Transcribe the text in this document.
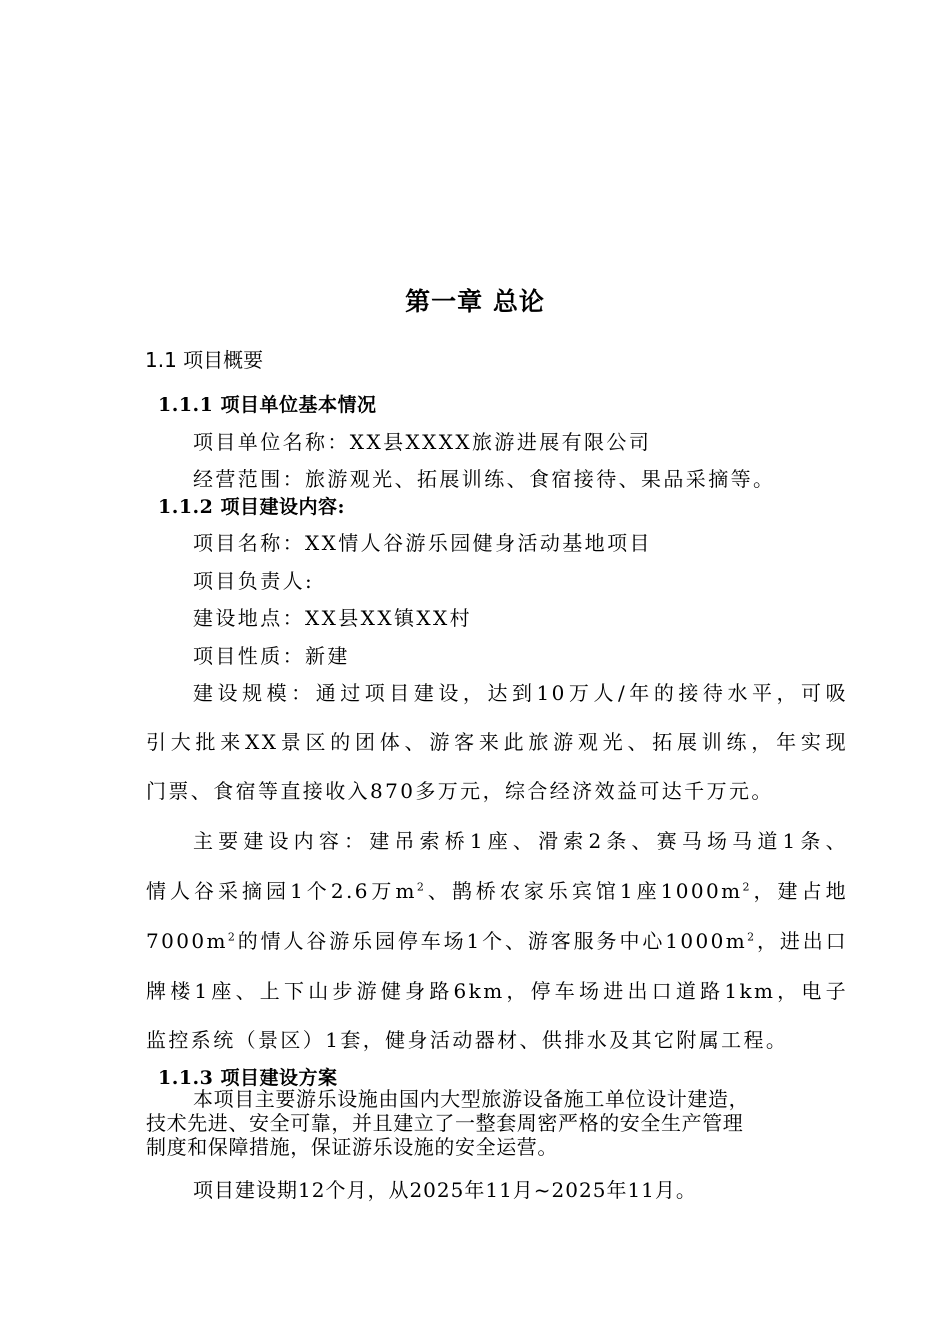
第一章 总论
1.1 项目概要
1.1.1 项目单位基本情况
项目单位名称：XX县XXXX旅游进展有限公司
经营范围：旅游观光、拓展训练、食宿接待、果品采摘等。
1.1.2 项目建设内容:
项目名称：XX情人谷游乐园健身活动基地项目
项目负责人:
建设地点：XX县XX镇XX村
项目性质：新建
建设规模：通过项目建设，达到10万人/年的接待水平，可吸
引大批来XX景区的团体、游客来此旅游观光、拓展训练，年实现
门票、食宿等直接收入870多万元，综合经济效益可达千万元。
主要建设内容：建吊索桥1座、滑索2条、赛马场马道1条、
情人谷采摘园1个2.6万$m^2$、鹊桥农家乐宾馆1座$1000m^2$，建占地
$7000m^2$的情人谷游乐园停车场1个、游客服务中心$1000m^2$，进出口
牌楼1座、上下山步游健身路6km，停车场进出口道路1km，电子
监控系统（景区）1套，健身活动器材、供排水及其它附属工程。
1.1.3 项目建设方案
本项目主要游乐设施由国内大型旅游设备施工单位设计建造，
技术先进、安全可靠，并且建立了一整套周密严格的安全生产管理
制度和保障措施，保证游乐设施的安全运营。
项目建设期12个月，从2025年11月~2025年11月。
